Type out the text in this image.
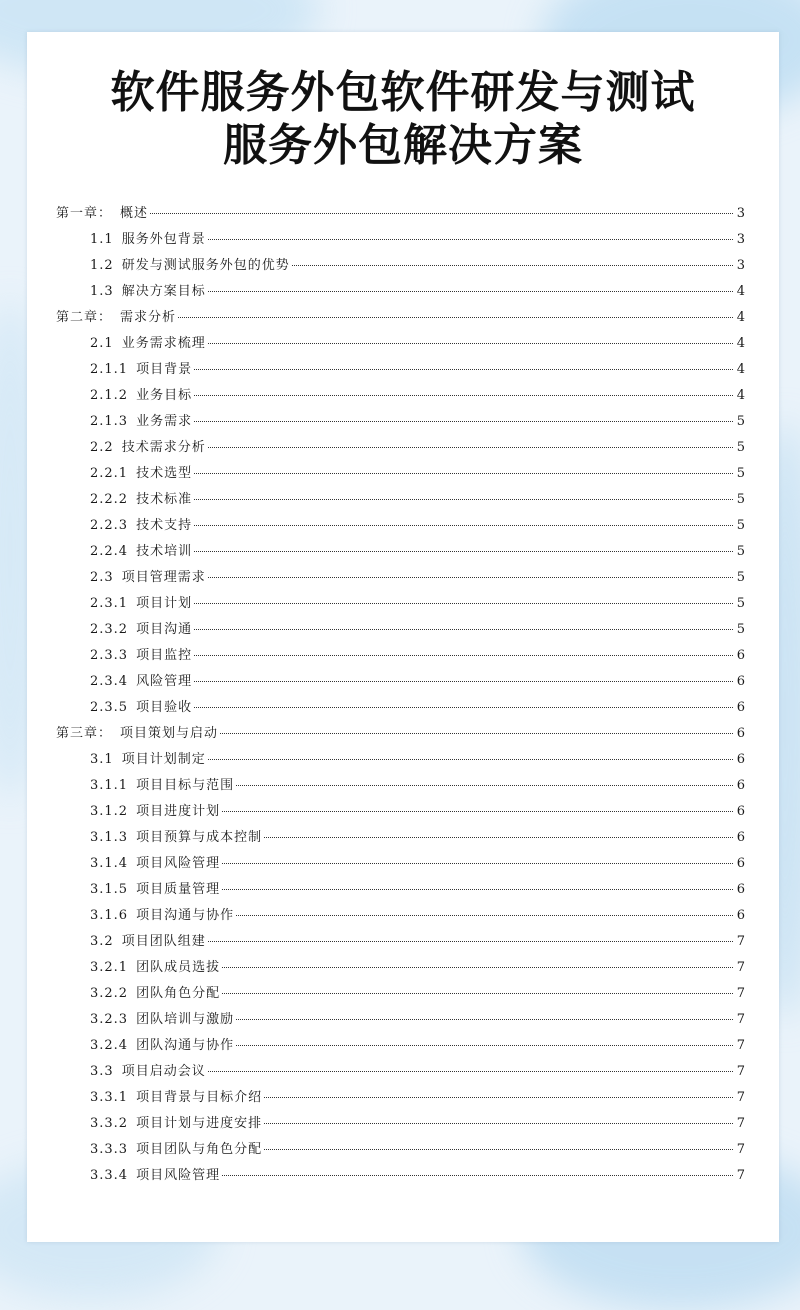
软件服务外包软件研发与测试
服务外包解决方案
第一章： 概述	3
1.1 服务外包背景	3
1.2 研发与测试服务外包的优势	3
1.3 解决方案目标	4
第二章： 需求分析	4
2.1 业务需求梳理	4
2.1.1 项目背景	4
2.1.2 业务目标	4
2.1.3 业务需求	5
2.2 技术需求分析	5
2.2.1 技术选型	5
2.2.2 技术标准	5
2.2.3 技术支持	5
2.2.4 技术培训	5
2.3 项目管理需求	5
2.3.1 项目计划	5
2.3.2 项目沟通	5
2.3.3 项目监控	6
2.3.4 风险管理	6
2.3.5 项目验收	6
第三章： 项目策划与启动	6
3.1 项目计划制定	6
3.1.1 项目目标与范围	6
3.1.2 项目进度计划	6
3.1.3 项目预算与成本控制	6
3.1.4 项目风险管理	6
3.1.5 项目质量管理	6
3.1.6 项目沟通与协作	6
3.2 项目团队组建	7
3.2.1 团队成员选拔	7
3.2.2 团队角色分配	7
3.2.3 团队培训与激励	7
3.2.4 团队沟通与协作	7
3.3 项目启动会议	7
3.3.1 项目背景与目标介绍	7
3.3.2 项目计划与进度安排	7
3.3.3 项目团队与角色分配	7
3.3.4 项目风险管理	7
